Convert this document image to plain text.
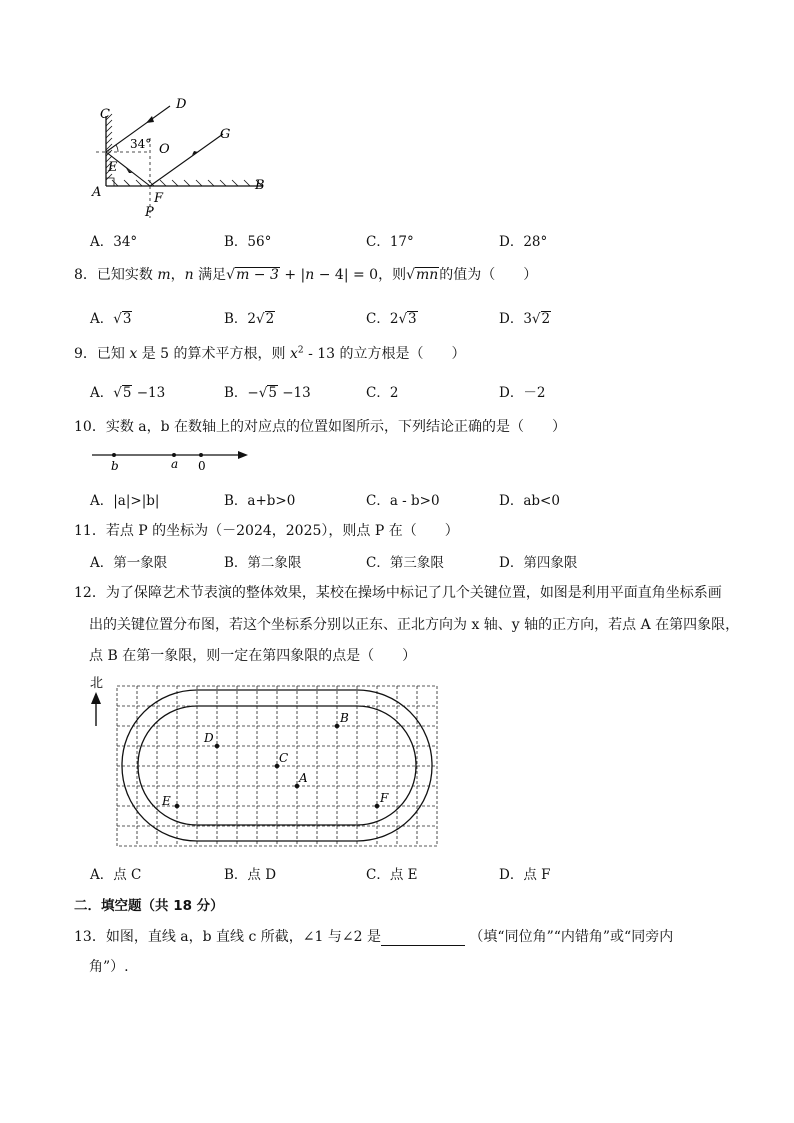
C
D
34° O
G
E
A	B
F
P
A．34°	B．56°	C．17°	D．28°
8．已知实数 m，n 满足√m − 3 + |n − 4| = 0，则√mn的值为（　　）
A．√3	B．2√2	C．2√3	D．3√2
9．已知 x 是 5 的算术平方根，则 $x^2 - 13$ 的立方根是（　　）
A．√5 −13	B．−√5 −13	C．2	D．－2
10．实数 a，b 在数轴上的对应点的位置如图所示，下列结论正确的是（　　）
b	a 0
A．|a|>|b|	B．a+b>0	C．a - b>0	D．ab<0
11．若点 P 的坐标为（－2024，2025），则点 P 在（　　）
A．第一象限	B．第二象限	C．第三象限	D．第四象限
12．为了保障艺术节表演的整体效果，某校在操场中标记了几个关键位置，如图是利用平面直角坐标系画
出的关键位置分布图，若这个坐标系分别以正东、正北方向为 x 轴、y 轴的正方向，若点 A 在第四象限，
点 B 在第一象限，则一定在第四象限的点是（　　）
北
B
D
C
A
E	F
A．点 C	B．点 D	C．点 E	D．点 F
二．填空题（共 18 分）
13．如图，直线 a，b 直线 c 所截，∠1 与∠2 是	（填“同位角”“内错角”或“同旁内
角”）.
